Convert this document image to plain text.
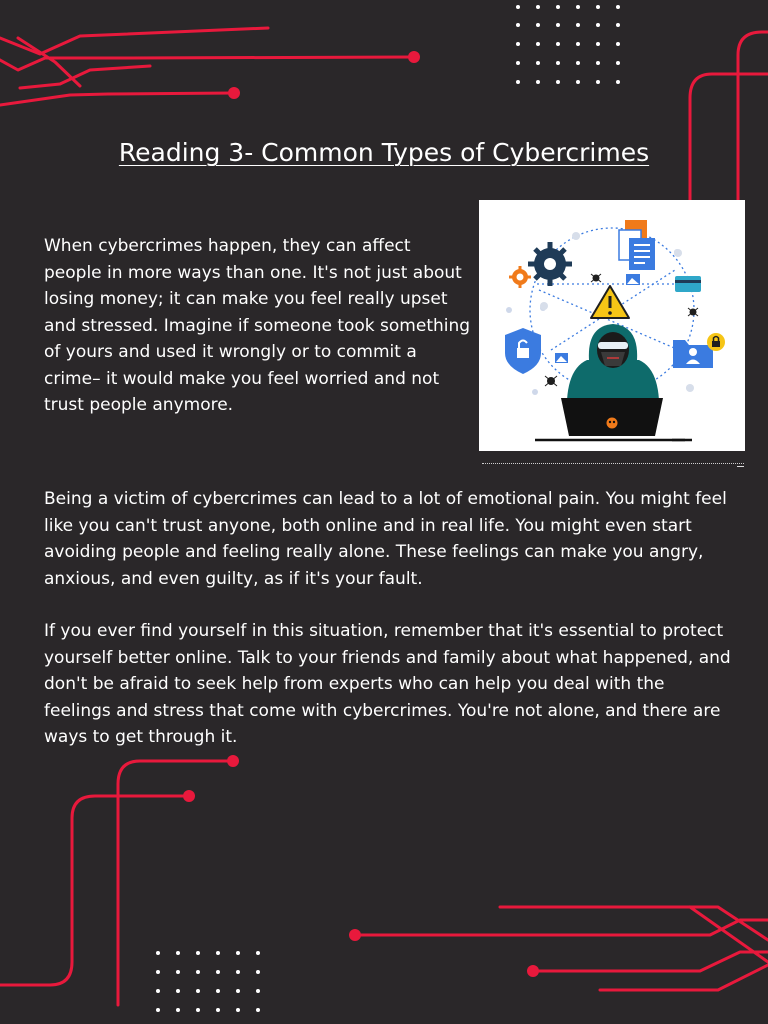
Reading 3- Common Types of Cybercrimes

When cybercrimes happen, they can affect people in more ways than one. It's not just about losing money; it can make you feel really upset and stressed. Imagine if someone took something of yours and used it wrongly or to commit a crime– it would make you feel worried and not trust people anymore.

Being a victim of cybercrimes can lead to a lot of emotional pain. You might feel like you can't trust anyone, both online and in real life. You might even start avoiding people and feeling really alone. These feelings can make you angry, anxious, and even guilty, as if it's your fault.

If you ever find yourself in this situation, remember that it's essential to protect yourself better online. Talk to your friends and family about what happened, and don't be afraid to seek help from experts who can help you deal with the feelings and stress that come with cybercrimes. You're not alone, and there are ways to get through it.
